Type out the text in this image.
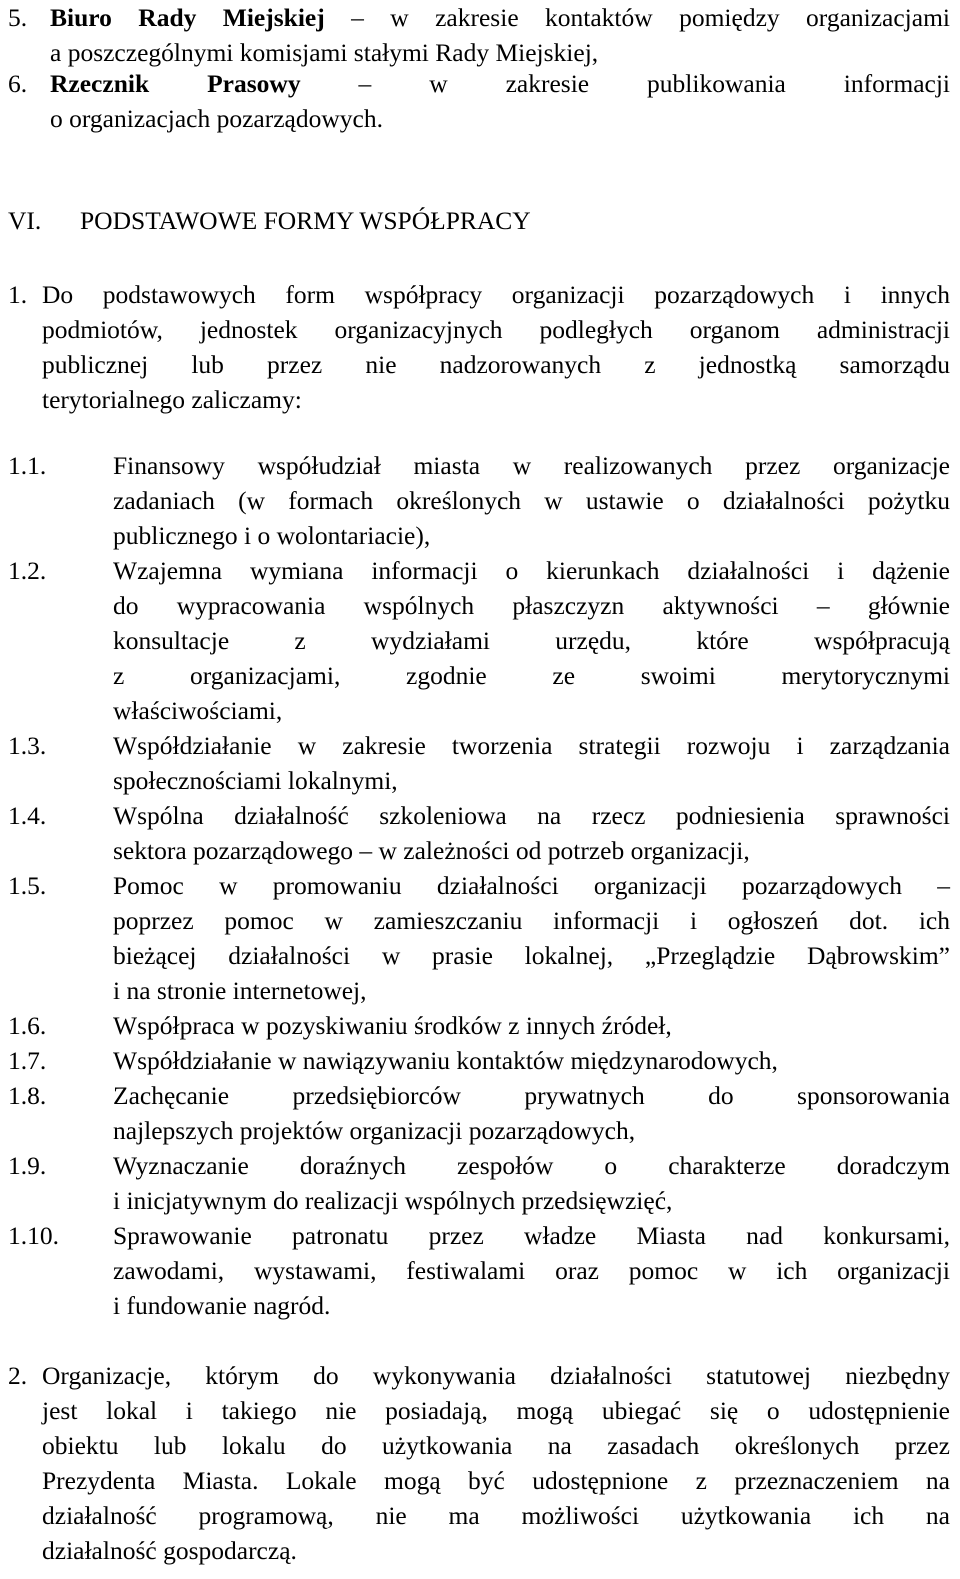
5. Biuro Rady Miejskiej – w zakresie kontaktów pomiędzy organizacjami
a poszczególnymi komisjami stałymi Rady Miejskiej,
6. Rzecznik Prasowy – w zakresie publikowania informacji
o organizacjach pozarządowych.
VI. PODSTAWOWE FORMY WSPÓŁPRACY
1. Do podstawowych form współpracy organizacji pozarządowych i innych
podmiotów, jednostek organizacyjnych podległych organom administracji
publicznej lub przez nie nadzorowanych z jednostką samorządu
terytorialnego zaliczamy:
1.1.	Finansowy współudział miasta w realizowanych przez organizacje
zadaniach (w formach określonych w ustawie o działalności pożytku
publicznego i o wolontariacie),
1.2.	Wzajemna wymiana informacji o kierunkach działalności i dążenie
do wypracowania wspólnych płaszczyzn aktywności – głównie
konsultacje z wydziałami urzędu, które współpracują
z organizacjami, zgodnie ze swoimi merytorycznymi
właściwościami,
1.3.	Współdziałanie w zakresie tworzenia strategii rozwoju i zarządzania
społecznościami lokalnymi,
1.4.	Wspólna działalność szkoleniowa na rzecz podniesienia sprawności
sektora pozarządowego – w zależności od potrzeb organizacji,
1.5.	Pomoc w promowaniu działalności organizacji pozarządowych –
poprzez pomoc w zamieszczaniu informacji i ogłoszeń dot. ich
bieżącej działalności w prasie lokalnej, „Przeglądzie Dąbrowskim”
i na stronie internetowej,
1.6.	Współpraca w pozyskiwaniu środków z innych źródeł,
1.7.	Współdziałanie w nawiązywaniu kontaktów międzynarodowych,
1.8.	Zachęcanie przedsiębiorców prywatnych do sponsorowania
najlepszych projektów organizacji pozarządowych,
1.9.	Wyznaczanie doraźnych zespołów o charakterze doradczym
i inicjatywnym do realizacji wspólnych przedsięwzięć,
1.10. Sprawowanie patronatu przez władze Miasta nad konkursami,
zawodami, wystawami, festiwalami oraz pomoc w ich organizacji
i fundowanie nagród.
2. Organizacje, którym do wykonywania działalności statutowej niezbędny
jest lokal i takiego nie posiadają, mogą ubiegać się o udostępnienie
obiektu lub lokalu do użytkowania na zasadach określonych przez
Prezydenta Miasta. Lokale mogą być udostępnione z przeznaczeniem na
działalność programową, nie ma możliwości użytkowania ich na
działalność gospodarczą.
